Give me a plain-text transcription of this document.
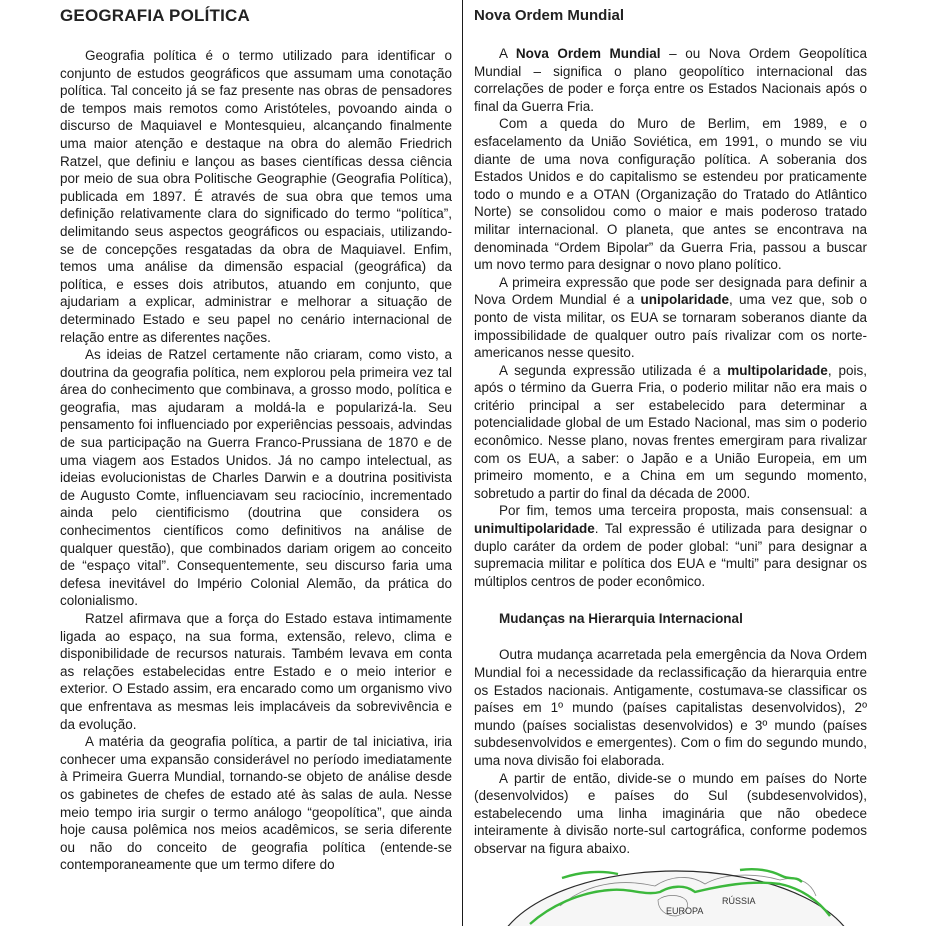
GEOGRAFIA POLÍTICA

Geografia política é o termo utilizado para identificar o conjunto de estudos geográficos que assumam uma conotação política. Tal conceito já se faz presente nas obras de pensadores de tempos mais remotos como Aristóteles, povoando ainda o discurso de Maquiavel e Montesquieu, alcançando finalmente uma maior atenção e destaque na obra do alemão Friedrich Ratzel, que definiu e lançou as bases científicas dessa ciência por meio de sua obra Politische Geographie (Geografia Política), publicada em 1897. É através de sua obra que temos uma definição relativamente clara do significado do termo “política”, delimitando seus aspectos geográficos ou espaciais, utilizando-se de concepções resgatadas da obra de Maquiavel. Enfim, temos uma análise da dimensão espacial (geográfica) da política, e esses dois atributos, atuando em conjunto, que ajudariam a explicar, administrar e melhorar a situação de determinado Estado e seu papel no cenário internacional de relação entre as diferentes nações.

As ideias de Ratzel certamente não criaram, como visto, a doutrina da geografia política, nem explorou pela primeira vez tal área do conhecimento que combinava, a grosso modo, política e geografia, mas ajudaram a moldá-la e popularizá-la. Seu pensamento foi influenciado por experiências pessoais, advindas de sua participação na Guerra Franco-Prussiana de 1870 e de uma viagem aos Estados Unidos. Já no campo intelectual, as ideias evolucionistas de Charles Darwin e a doutrina positivista de Augusto Comte, influenciavam seu raciocínio, incrementado ainda pelo cientificismo (doutrina que considera os conhecimentos científicos como definitivos na análise de qualquer questão), que combinados dariam origem ao conceito de “espaço vital”. Consequentemente, seu discurso faria uma defesa inevitável do Império Colonial Alemão, da prática do colonialismo.

Ratzel afirmava que a força do Estado estava intimamente ligada ao espaço, na sua forma, extensão, relevo, clima e disponibilidade de recursos naturais. Também levava em conta as relações estabelecidas entre Estado e o meio interior e exterior. O Estado assim, era encarado como um organismo vivo que enfrentava as mesmas leis implacáveis da sobrevivência e da evolução.

A matéria da geografia política, a partir de tal iniciativa, iria conhecer uma expansão considerável no período imediatamente à Primeira Guerra Mundial, tornando-se objeto de análise desde os gabinetes de chefes de estado até às salas de aula. Nesse meio tempo iria surgir o termo análogo “geopolítica”, que ainda hoje causa polêmica nos meios acadêmicos, se seria diferente ou não do conceito de geografia política (entende-se contemporaneamente que um termo difere do

Nova Ordem Mundial

A Nova Ordem Mundial – ou Nova Ordem Geopolítica Mundial – significa o plano geopolítico internacional das correlações de poder e força entre os Estados Nacionais após o final da Guerra Fria.

Com a queda do Muro de Berlim, em 1989, e o esfacelamento da União Soviética, em 1991, o mundo se viu diante de uma nova configuração política. A soberania dos Estados Unidos e do capitalismo se estendeu por praticamente todo o mundo e a OTAN (Organização do Tratado do Atlântico Norte) se consolidou como o maior e mais poderoso tratado militar internacional. O planeta, que antes se encontrava na denominada “Ordem Bipolar” da Guerra Fria, passou a buscar um novo termo para designar o novo plano político.

A primeira expressão que pode ser designada para definir a Nova Ordem Mundial é a unipolaridade, uma vez que, sob o ponto de vista militar, os EUA se tornaram soberanos diante da impossibilidade de qualquer outro país rivalizar com os norte-americanos nesse quesito.

A segunda expressão utilizada é a multipolaridade, pois, após o término da Guerra Fria, o poderio militar não era mais o critério principal a ser estabelecido para determinar a potencialidade global de um Estado Nacional, mas sim o poderio econômico. Nesse plano, novas frentes emergiram para rivalizar com os EUA, a saber: o Japão e a União Europeia, em um primeiro momento, e a China em um segundo momento, sobretudo a partir do final da década de 2000.

Por fim, temos uma terceira proposta, mais consensual: a unimultipolaridade. Tal expressão é utilizada para designar o duplo caráter da ordem de poder global: “uni” para designar a supremacia militar e política dos EUA e “multi” para designar os múltiplos centros de poder econômico.

Mudanças na Hierarquia Internacional

Outra mudança acarretada pela emergência da Nova Ordem Mundial foi a necessidade da reclassificação da hierarquia entre os Estados nacionais. Antigamente, costumava-se classificar os países em 1º mundo (países capitalistas desenvolvidos), 2º mundo (países socialistas desenvolvidos) e 3º mundo (países subdesenvolvidos e emergentes). Com o fim do segundo mundo, uma nova divisão foi elaborada.

A partir de então, divide-se o mundo em países do Norte (desenvolvidos) e países do Sul (subdesenvolvidos), estabelecendo uma linha imaginária que não obedece inteiramente à divisão norte-sul cartográfica, conforme podemos observar na figura abaixo.

EUROPA
RÚSSIA
